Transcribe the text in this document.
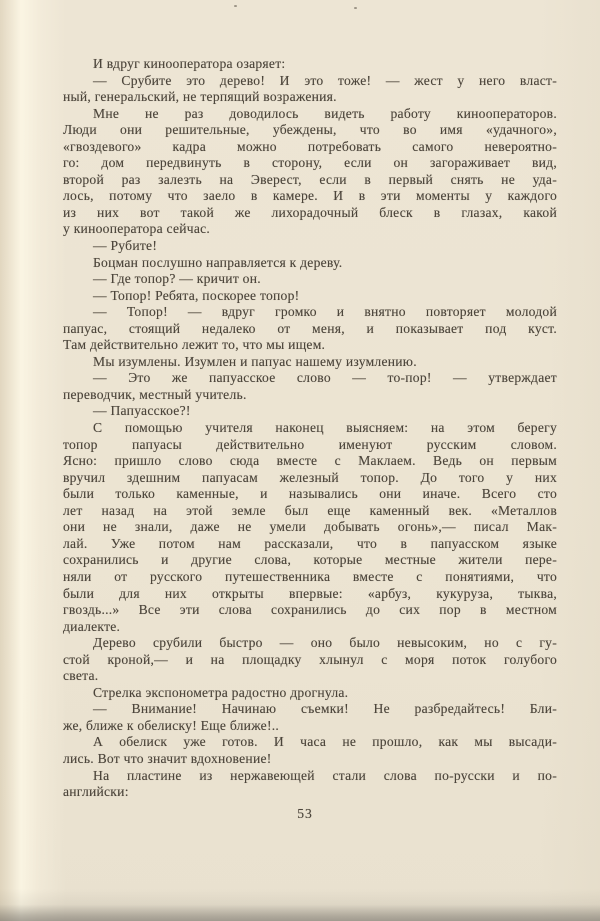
И вдруг кинооператора озаряет:
— Срубите это дерево! И это тоже! — жест у него власт-
ный, генеральский, не терпящий возражения.
Мне не раз доводилось видеть работу кинооператоров.
Люди они решительные, убеждены, что во имя «удачного»,
«гвоздевого» кадра можно потребовать самого невероятно-
го: дом передвинуть в сторону, если он загораживает вид,
второй раз залезть на Эверест, если в первый снять не уда-
лось, потому что заело в камере. И в эти моменты у каждого
из них вот такой же лихорадочный блеск в глазах, какой
у кинооператора сейчас.
— Рубите!
Боцман послушно направляется к дереву.
— Где топор? — кричит он.
— Топор! Ребята, поскорее топор!
— Топор! — вдруг громко и внятно повторяет молодой
папуас, стоящий недалеко от меня, и показывает под куст.
Там действительно лежит то, что мы ищем.
Мы изумлены. Изумлен и папуас нашему изумлению.
— Это же папуасское слово — то-пор! — утверждает
переводчик, местный учитель.
— Папуасское?!
С помощью учителя наконец выясняем: на этом берегу
топор папуасы действительно именуют русским словом.
Ясно: пришло слово сюда вместе с Маклаем. Ведь он первым
вручил здешним папуасам железный топор. До того у них
были только каменные, и назывались они иначе. Всего сто
лет назад на этой земле был еще каменный век. «Металлов
они не знали, даже не умели добывать огонь»,— писал Мак-
лай. Уже потом нам рассказали, что в папуасском языке
сохранились и другие слова, которые местные жители пере-
няли от русского путешественника вместе с понятиями, что
были для них открыты впервые: «арбуз, кукуруза, тыква,
гвоздь...» Все эти слова сохранились до сих пор в местном
диалекте.
Дерево срубили быстро — оно было невысоким, но с гу-
стой кроной,— и на площадку хлынул с моря поток голубого
света.
Стрелка экспонометра радостно дрогнула.
— Внимание! Начинаю съемки! Не разбредайтесь! Бли-
же, ближе к обелиску! Еще ближе!..
А обелиск уже готов. И часа не прошло, как мы высади-
лись. Вот что значит вдохновение!
На пластине из нержавеющей стали слова по-русски и по-
английски:
53
